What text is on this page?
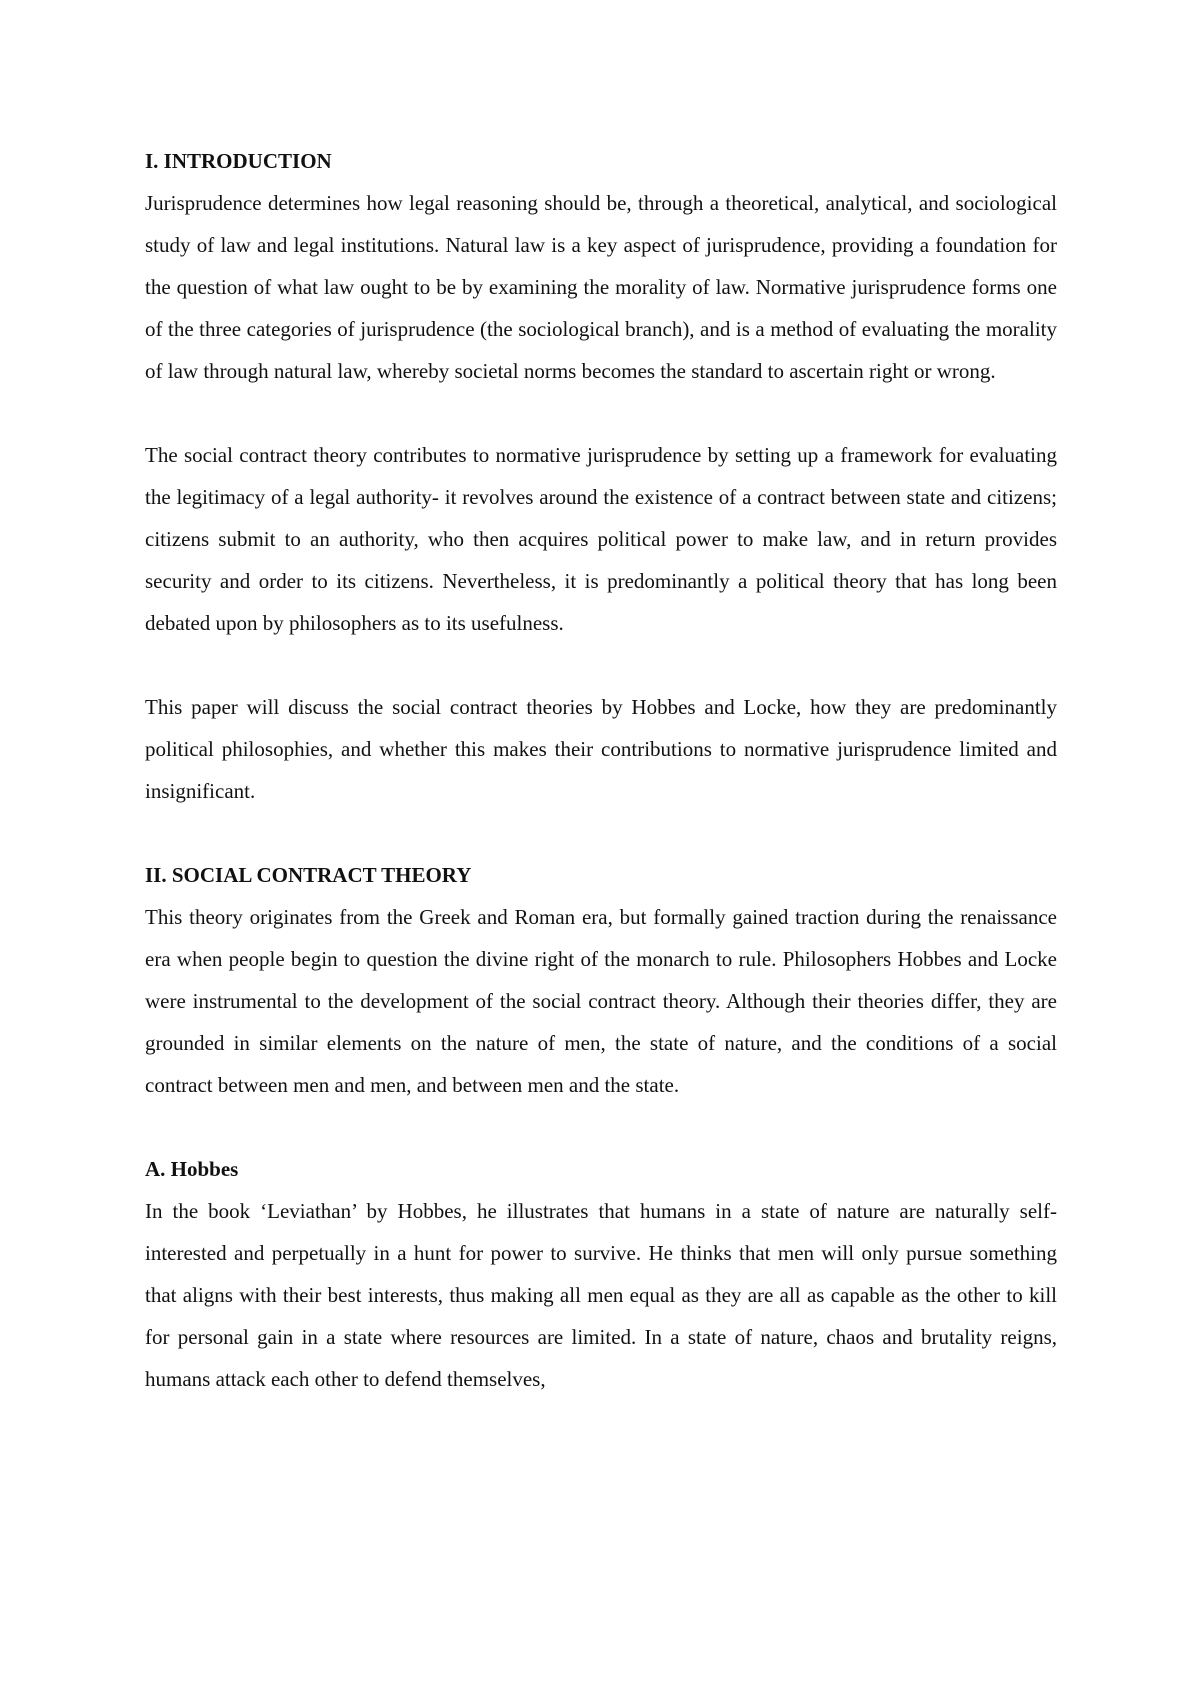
I. INTRODUCTION

Jurisprudence determines how legal reasoning should be, through a theoretical, analytical, and sociological study of law and legal institutions. Natural law is a key aspect of jurisprudence, providing a foundation for the question of what law ought to be by examining the morality of law. Normative jurisprudence forms one of the three categories of jurisprudence (the sociological branch), and is a method of evaluating the morality of law through natural law, whereby societal norms becomes the standard to ascertain right or wrong.

The social contract theory contributes to normative jurisprudence by setting up a framework for evaluating the legitimacy of a legal authority- it revolves around the existence of a contract between state and citizens; citizens submit to an authority, who then acquires political power to make law, and in return provides security and order to its citizens. Nevertheless, it is predominantly a political theory that has long been debated upon by philosophers as to its usefulness.

This paper will discuss the social contract theories by Hobbes and Locke, how they are predominantly political philosophies, and whether this makes their contributions to normative jurisprudence limited and insignificant.

II. SOCIAL CONTRACT THEORY

This theory originates from the Greek and Roman era, but formally gained traction during the renaissance era when people begin to question the divine right of the monarch to rule. Philosophers Hobbes and Locke were instrumental to the development of the social contract theory. Although their theories differ, they are grounded in similar elements on the nature of men, the state of nature, and the conditions of a social contract between men and men, and between men and the state.

A. Hobbes

In the book ‘Leviathan’ by Hobbes, he illustrates that humans in a state of nature are naturally self-interested and perpetually in a hunt for power to survive. He thinks that men will only pursue something that aligns with their best interests, thus making all men equal as they are all as capable as the other to kill for personal gain in a state where resources are limited. In a state of nature, chaos and brutality reigns, humans attack each other to defend themselves,
